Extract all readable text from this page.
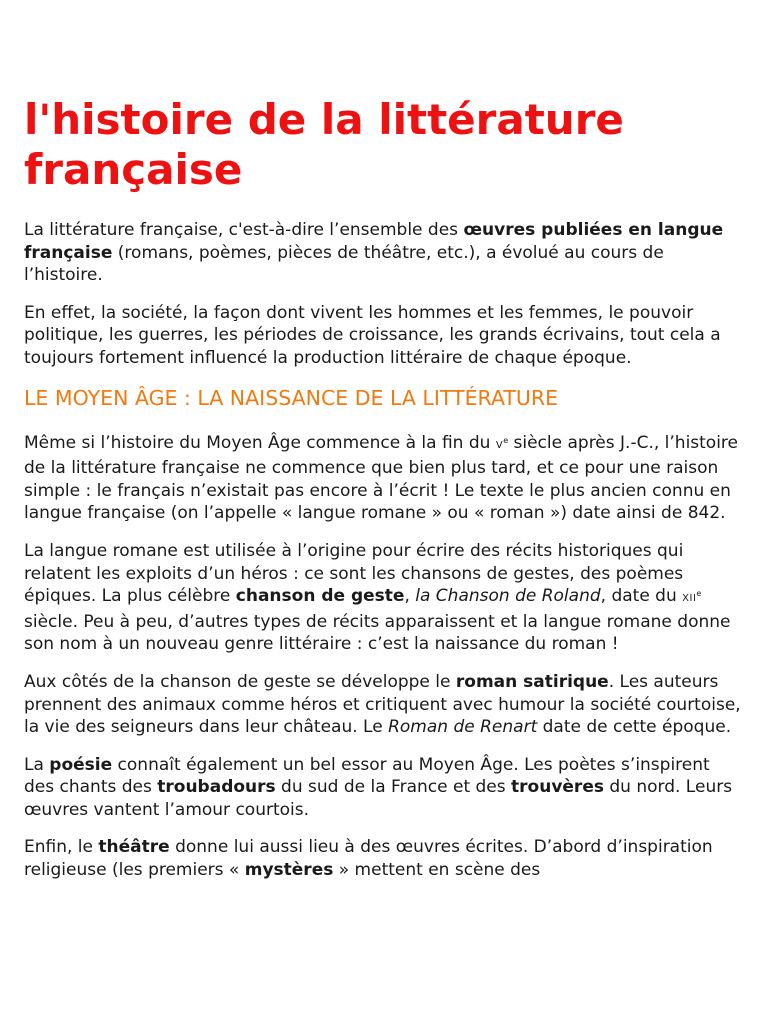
l'histoire de la littérature française

La littérature française, c'est-à-dire l’ensemble des œuvres publiées en langue française (romans, poèmes, pièces de théâtre, etc.), a évolué au cours de l’histoire.

En effet, la société, la façon dont vivent les hommes et les femmes, le pouvoir politique, les guerres, les périodes de croissance, les grands écrivains, tout cela a toujours fortement influencé la production littéraire de chaque époque.

LE MOYEN ÂGE : LA NAISSANCE DE LA LITTÉRATURE

Même si l’histoire du Moyen Âge commence à la fin du Ve siècle après J.-C., l’histoire de la littérature française ne commence que bien plus tard, et ce pour une raison simple : le français n’existait pas encore à l’écrit ! Le texte le plus ancien connu en langue française (on l’appelle « langue romane » ou « roman ») date ainsi de 842.

La langue romane est utilisée à l’origine pour écrire des récits historiques qui relatent les exploits d’un héros : ce sont les chansons de gestes, des poèmes épiques. La plus célèbre chanson de geste, la Chanson de Roland, date du XIIe siècle. Peu à peu, d’autres types de récits apparaissent et la langue romane donne son nom à un nouveau genre littéraire : c’est la naissance du roman !

Aux côtés de la chanson de geste se développe le roman satirique. Les auteurs prennent des animaux comme héros et critiquent avec humour la société courtoise, la vie des seigneurs dans leur château. Le Roman de Renart date de cette époque.

La poésie connaît également un bel essor au Moyen Âge. Les poètes s’inspirent des chants des troubadours du sud de la France et des trouvères du nord. Leurs œuvres vantent l’amour courtois.

Enfin, le théâtre donne lui aussi lieu à des œuvres écrites. D’abord d’inspiration religieuse (les premiers « mystères » mettent en scène des
